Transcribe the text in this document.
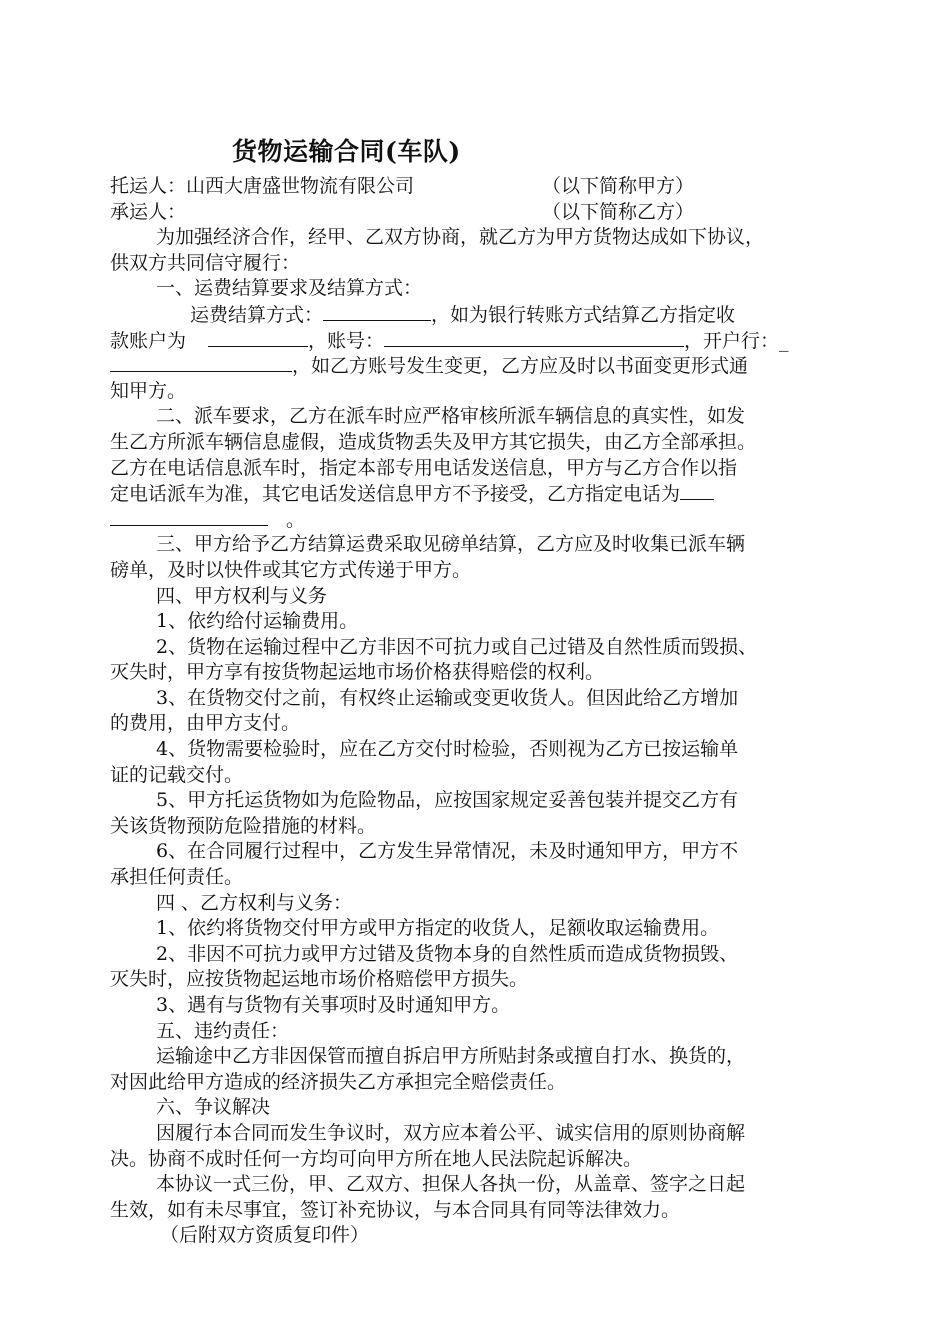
货物运输合同(车队)
托运人：山西大唐盛世物流有限公司	（以下简称甲方）
承运人：	（以下简称乙方）
为加强经济合作，经甲、乙双方协商，就乙方为甲方货物达成如下协议，
供双方共同信守履行：
一、运费结算要求及结算方式：
运费结算方式：	，如为银行转账方式结算乙方指定收
款账户为	，账号：	，开户行：_
，如乙方账号发生变更，乙方应及时以书面变更形式通
知甲方。
二、派车要求，乙方在派车时应严格审核所派车辆信息的真实性，如发
生乙方所派车辆信息虚假，造成货物丢失及甲方其它损失，由乙方全部承担。
乙方在电话信息派车时，指定本部专用电话发送信息，甲方与乙方合作以指
定电话派车为准，其它电话发送信息甲方不予接受，乙方指定电话为
。
三、甲方给予乙方结算运费采取见磅单结算，乙方应及时收集已派车辆
磅单，及时以快件或其它方式传递于甲方。
四、甲方权利与义务
1、依约给付运输费用。
2、货物在运输过程中乙方非因不可抗力或自己过错及自然性质而毁损、
灭失时，甲方享有按货物起运地市场价格获得赔偿的权利。
3、在货物交付之前，有权终止运输或变更收货人。但因此给乙方增加
的费用，由甲方支付。
4、货物需要检验时，应在乙方交付时检验，否则视为乙方已按运输单
证的记载交付。
5、甲方托运货物如为危险物品，应按国家规定妥善包装并提交乙方有
关该货物预防危险措施的材料。
6、在合同履行过程中，乙方发生异常情况，未及时通知甲方，甲方不
承担任何责任。
四 、乙方权利与义务：
1、依约将货物交付甲方或甲方指定的收货人，足额收取运输费用。
2、非因不可抗力或甲方过错及货物本身的自然性质而造成货物损毁、
灭失时，应按货物起运地市场价格赔偿甲方损失。
3、遇有与货物有关事项时及时通知甲方。
五、违约责任：
运输途中乙方非因保管而擅自拆启甲方所贴封条或擅自打水、换货的，
对因此给甲方造成的经济损失乙方承担完全赔偿责任。
六、争议解决
因履行本合同而发生争议时，双方应本着公平、诚实信用的原则协商解
决。协商不成时任何一方均可向甲方所在地人民法院起诉解决。
本协议一式三份，甲、乙双方、担保人各执一份，从盖章、签字之日起
生效，如有未尽事宜，签订补充协议，与本合同具有同等法律效力。
（后附双方资质复印件）
